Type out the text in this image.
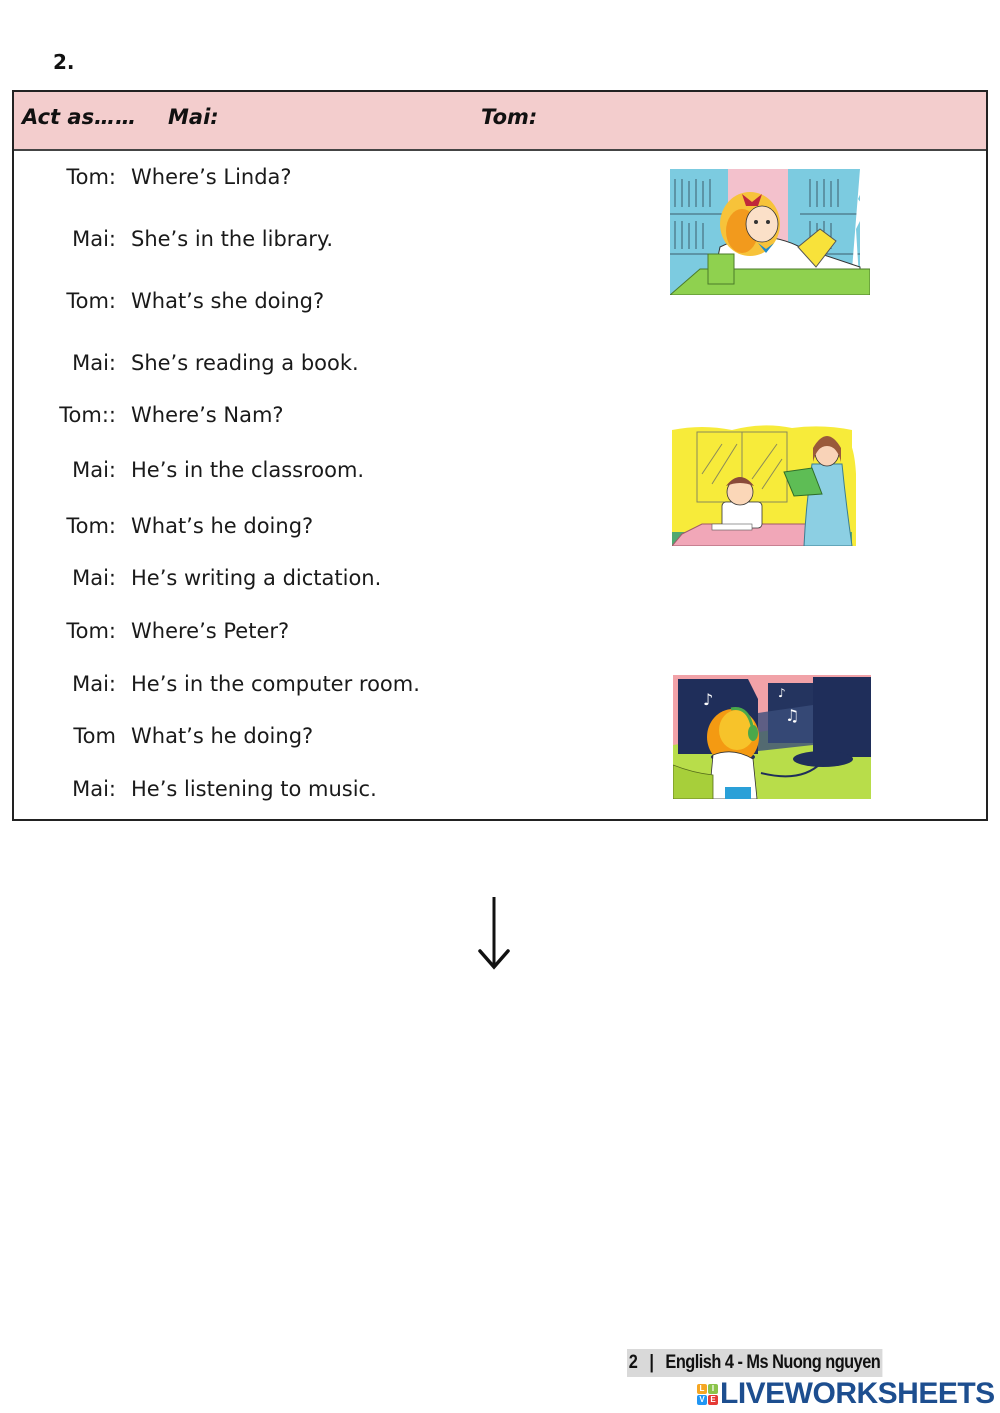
2.
Act as…… Mai:	Tom:
Tom: Where’s Linda?
Mai: She’s in the library.
Tom: What’s she doing?
Mai: She’s reading a book.
Tom:: Where’s Nam?
Mai: He’s in the classroom.
Tom: What’s he doing?
Mai: He’s writing a dictation.
Tom: Where’s Peter?
Mai: He’s in the computer room.
Tom What’s he doing?
Mai: He’s listening to music.
♪
♫
♪
2 | English 4 - Ms Nuong nguyen
L I
V E LIVEWORKSHEETS
